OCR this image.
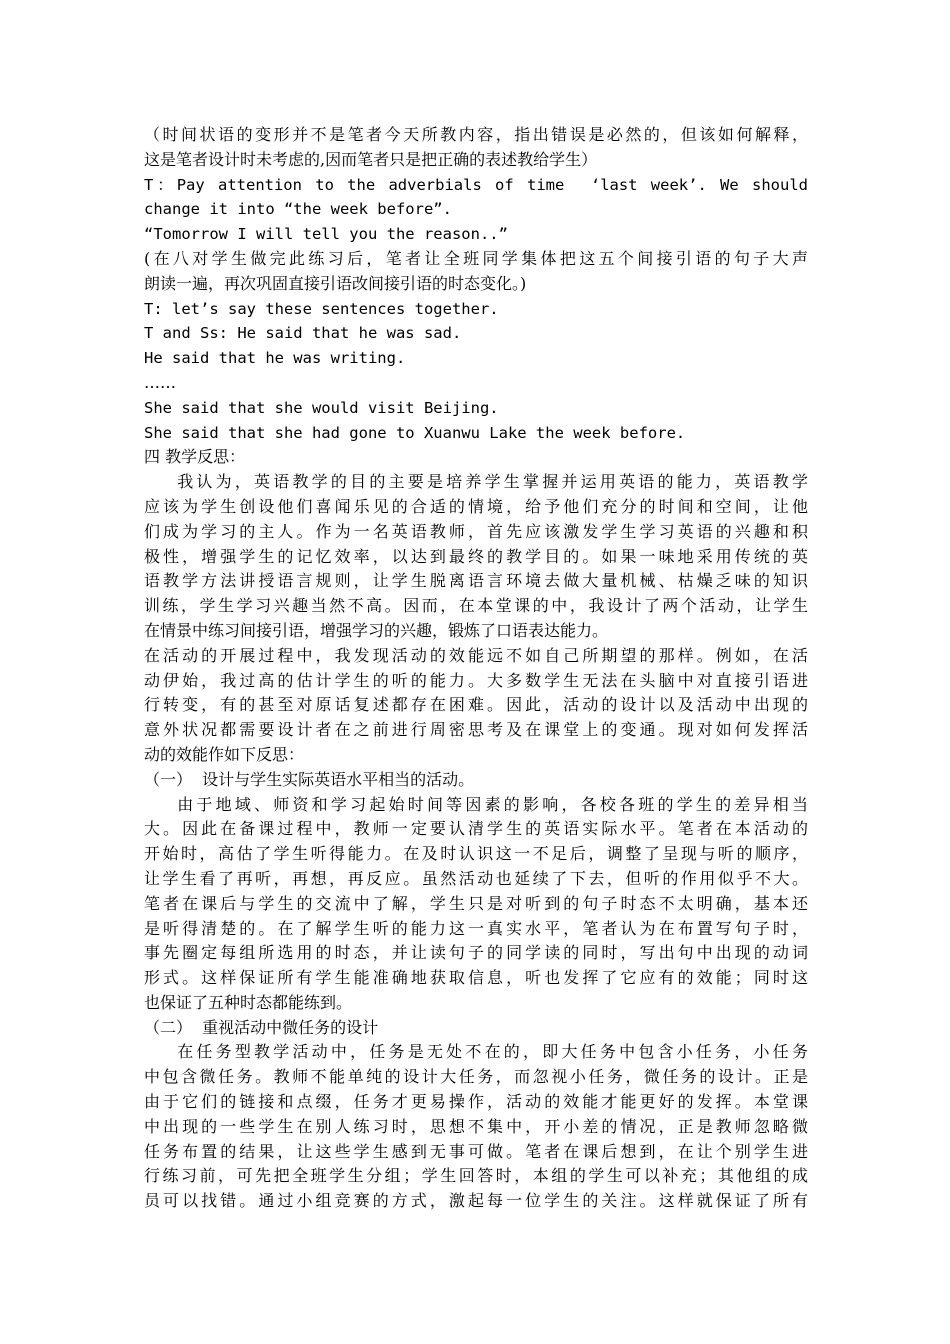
（时间状语的变形并不是笔者今天所教内容，指出错误是必然的，但该如何解释，
这是笔者设计时未考虑的,因而笔者只是把正确的表述教给学生）
T：Pay attention to the adverbials of time  ‘last week’. We should
change it into “the week before”.
“Tomorrow I will tell you the reason..”
(在八对学生做完此练习后，笔者让全班同学集体把这五个间接引语的句子大声
朗读一遍，再次巩固直接引语改间接引语的时态变化。)
T: let’s say these sentences together.
T and Ss: He said that he was sad.
He said that he was writing.
……
She said that she would visit Beijing.
She said that she had gone to Xuanwu Lake the week before.
四 教学反思：
我认为，英语教学的目的主要是培养学生掌握并运用英语的能力，英语教学
应该为学生创设他们喜闻乐见的合适的情境，给予他们充分的时间和空间，让他
们成为学习的主人。作为一名英语教师，首先应该激发学生学习英语的兴趣和积
极性，增强学生的记忆效率，以达到最终的教学目的。如果一味地采用传统的英
语教学方法讲授语言规则，让学生脱离语言环境去做大量机械、枯燥乏味的知识
训练，学生学习兴趣当然不高。因而，在本堂课的中，我设计了两个活动，让学生
在情景中练习间接引语，增强学习的兴趣，锻炼了口语表达能力。
在活动的开展过程中，我发现活动的效能远不如自己所期望的那样。例如，在活
动伊始，我过高的估计学生的听的能力。大多数学生无法在头脑中对直接引语进
行转变，有的甚至对原话复述都存在困难。因此，活动的设计以及活动中出现的
意外状况都需要设计者在之前进行周密思考及在课堂上的变通。现对如何发挥活
动的效能作如下反思：
（一）  设计与学生实际英语水平相当的活动。
由于地域、师资和学习起始时间等因素的影响，各校各班的学生的差异相当
大。因此在备课过程中，教师一定要认清学生的英语实际水平。笔者在本活动的
开始时，高估了学生听得能力。在及时认识这一不足后，调整了呈现与听的顺序，
让学生看了再听，再想，再反应。虽然活动也延续了下去，但听的作用似乎不大。
笔者在课后与学生的交流中了解，学生只是对听到的句子时态不太明确，基本还
是听得清楚的。在了解学生听的能力这一真实水平，笔者认为在布置写句子时，
事先圈定每组所选用的时态，并让读句子的同学读的同时，写出句中出现的动词
形式。这样保证所有学生能准确地获取信息，听也发挥了它应有的效能；同时这
也保证了五种时态都能练到。
（二）  重视活动中微任务的设计
在任务型教学活动中，任务是无处不在的，即大任务中包含小任务，小任务
中包含微任务。教师不能单纯的设计大任务，而忽视小任务，微任务的设计。正是
由于它们的链接和点缀，任务才更易操作，活动的效能才能更好的发挥。本堂课
中出现的一些学生在别人练习时，思想不集中，开小差的情况，正是教师忽略微
任务布置的结果，让这些学生感到无事可做。笔者在课后想到，在让个别学生进
行练习前，可先把全班学生分组；学生回答时，本组的学生可以补充；其他组的成
员可以找错。通过小组竞赛的方式，激起每一位学生的关注。这样就保证了所有
